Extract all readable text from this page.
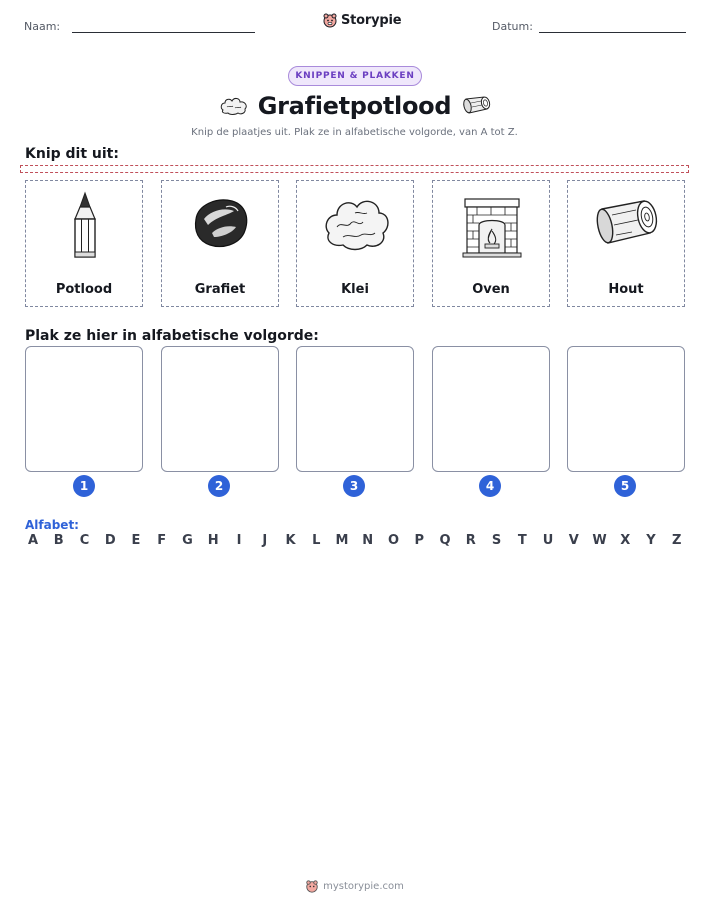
Naam:	Storypie	Datum:
KNIPPEN & PLAKKEN
Grafietpotlood
Knip de plaatjes uit. Plak ze in alfabetische volgorde, van A tot Z.
Knip dit uit:
Potlood	Grafiet	Klei	Oven	Hout
Plak ze hier in alfabetische volgorde:
1	2	3	4	5
Alfabet:
A B C D E F G H	I	J	K L M N O P Q R S T U V W X Y Z
mystorypie.com
